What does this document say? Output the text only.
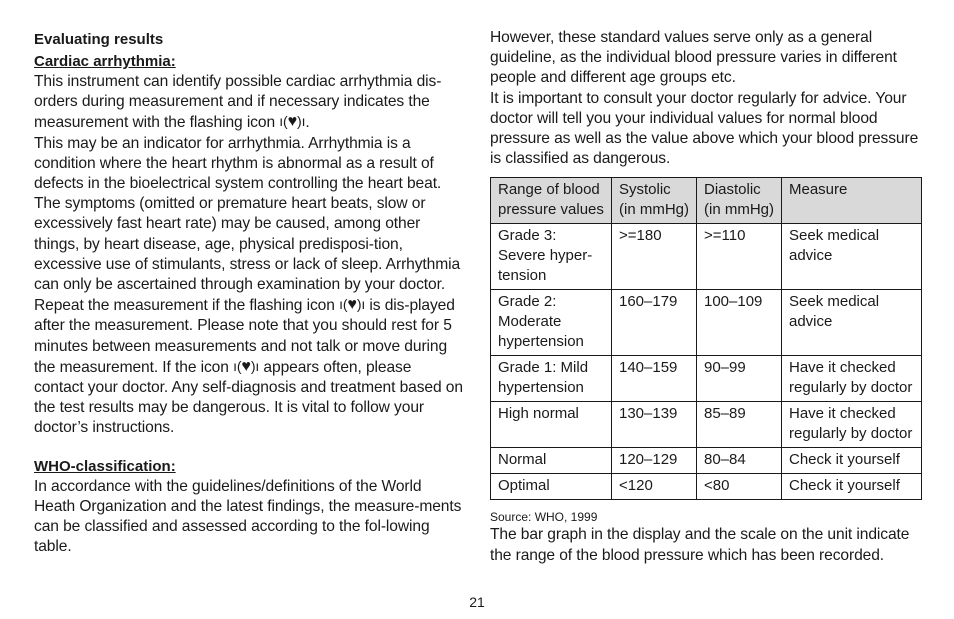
Evaluating results

Cardiac arrhythmia:

This instrument can identify possible cardiac arrhythmia dis-orders during measurement and if necessary indicates the measurement with the flashing icon ı(♥)ı.

This may be an indicator for arrhythmia. Arrhythmia is a condition where the heart rhythm is abnormal as a result of defects in the bioelectrical system controlling the heart beat. The symptoms (omitted or premature heart beats, slow or excessively fast heart rate) may be caused, among other things, by heart disease, age, physical predisposi-tion, excessive use of stimulants, stress or lack of sleep. Arrhythmia can only be ascertained through examination by your doctor.

Repeat the measurement if the flashing icon ı(♥)ı is dis-played after the measurement. Please note that you should rest for 5 minutes between measurements and not talk or move during the measurement. If the icon ı(♥)ı appears often, please contact your doctor. Any self-diagnosis and treatment based on the test results may be dangerous. It is vital to follow your doctor’s instructions.

WHO-classification:

In accordance with the guidelines/definitions of the World Heath Organization and the latest findings, the measure-ments can be classified and assessed according to the fol-lowing table.

However, these standard values serve only as a general guideline, as the individual blood pressure varies in different people and different age groups etc.

It is important to consult your doctor regularly for advice. Your doctor will tell you your individual values for normal blood pressure as well as the value above which your blood pressure is classified as dangerous.

Range of blood pressure values	Systolic (in mmHg)	Diastolic (in mmHg)	Measure
Grade 3: Severe hyper-tension	>=180	>=110	Seek medical advice
Grade 2: Moderate hypertension	160–179	100–109	Seek medical advice
Grade 1: Mild hypertension	140–159	90–99	Have it checked regularly by doctor
High normal	130–139	85–89	Have it checked regularly by doctor
Normal	120–129	80–84	Check it yourself
Optimal	<120	<80	Check it yourself
Source: WHO, 1999

The bar graph in the display and the scale on the unit indicate the range of the blood pressure which has been recorded.

21
